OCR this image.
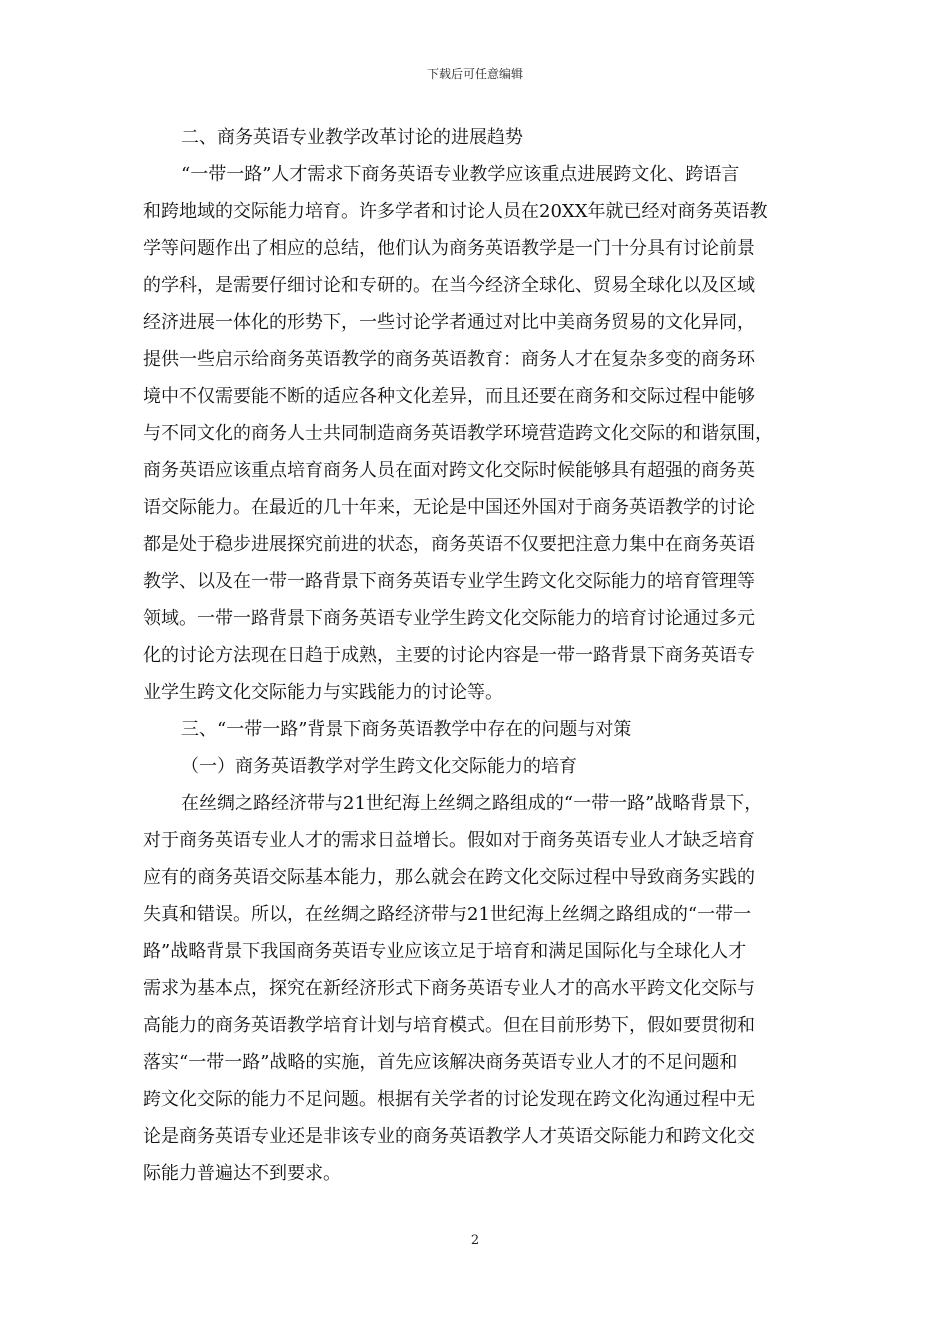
下载后可任意编辑
二、商务英语专业教学改革讨论的进展趋势
“一带一路”人才需求下商务英语专业教学应该重点进展跨文化、跨语言
和跨地域的交际能力培育。许多学者和讨论人员在20XX年就已经对商务英语教
学等问题作出了相应的总结，他们认为商务英语教学是一门十分具有讨论前景
的学科，是需要仔细讨论和专研的。在当今经济全球化、贸易全球化以及区域
经济进展一体化的形势下，一些讨论学者通过对比中美商务贸易的文化异同，
提供一些启示给商务英语教学的商务英语教育：商务人才在复杂多变的商务环
境中不仅需要能不断的适应各种文化差异，而且还要在商务和交际过程中能够
与不同文化的商务人士共同制造商务英语教学环境营造跨文化交际的和谐氛围，
商务英语应该重点培育商务人员在面对跨文化交际时候能够具有超强的商务英
语交际能力。在最近的几十年来，无论是中国还外国对于商务英语教学的讨论
都是处于稳步进展探究前进的状态，商务英语不仅要把注意力集中在商务英语
教学、以及在一带一路背景下商务英语专业学生跨文化交际能力的培育管理等
领域。一带一路背景下商务英语专业学生跨文化交际能力的培育讨论通过多元
化的讨论方法现在日趋于成熟，主要的讨论内容是一带一路背景下商务英语专
业学生跨文化交际能力与实践能力的讨论等。
三、“一带一路”背景下商务英语教学中存在的问题与对策
（一）商务英语教学对学生跨文化交际能力的培育
在丝绸之路经济带与21世纪海上丝绸之路组成的“一带一路”战略背景下，
对于商务英语专业人才的需求日益增长。假如对于商务英语专业人才缺乏培育
应有的商务英语交际基本能力，那么就会在跨文化交际过程中导致商务实践的
失真和错误。所以，在丝绸之路经济带与21世纪海上丝绸之路组成的“一带一
路”战略背景下我国商务英语专业应该立足于培育和满足国际化与全球化人才
需求为基本点，探究在新经济形式下商务英语专业人才的高水平跨文化交际与
高能力的商务英语教学培育计划与培育模式。但在目前形势下，假如要贯彻和
落实“一带一路”战略的实施，首先应该解决商务英语专业人才的不足问题和
跨文化交际的能力不足问题。根据有关学者的讨论发现在跨文化沟通过程中无
论是商务英语专业还是非该专业的商务英语教学人才英语交际能力和跨文化交
际能力普遍达不到要求。
2
